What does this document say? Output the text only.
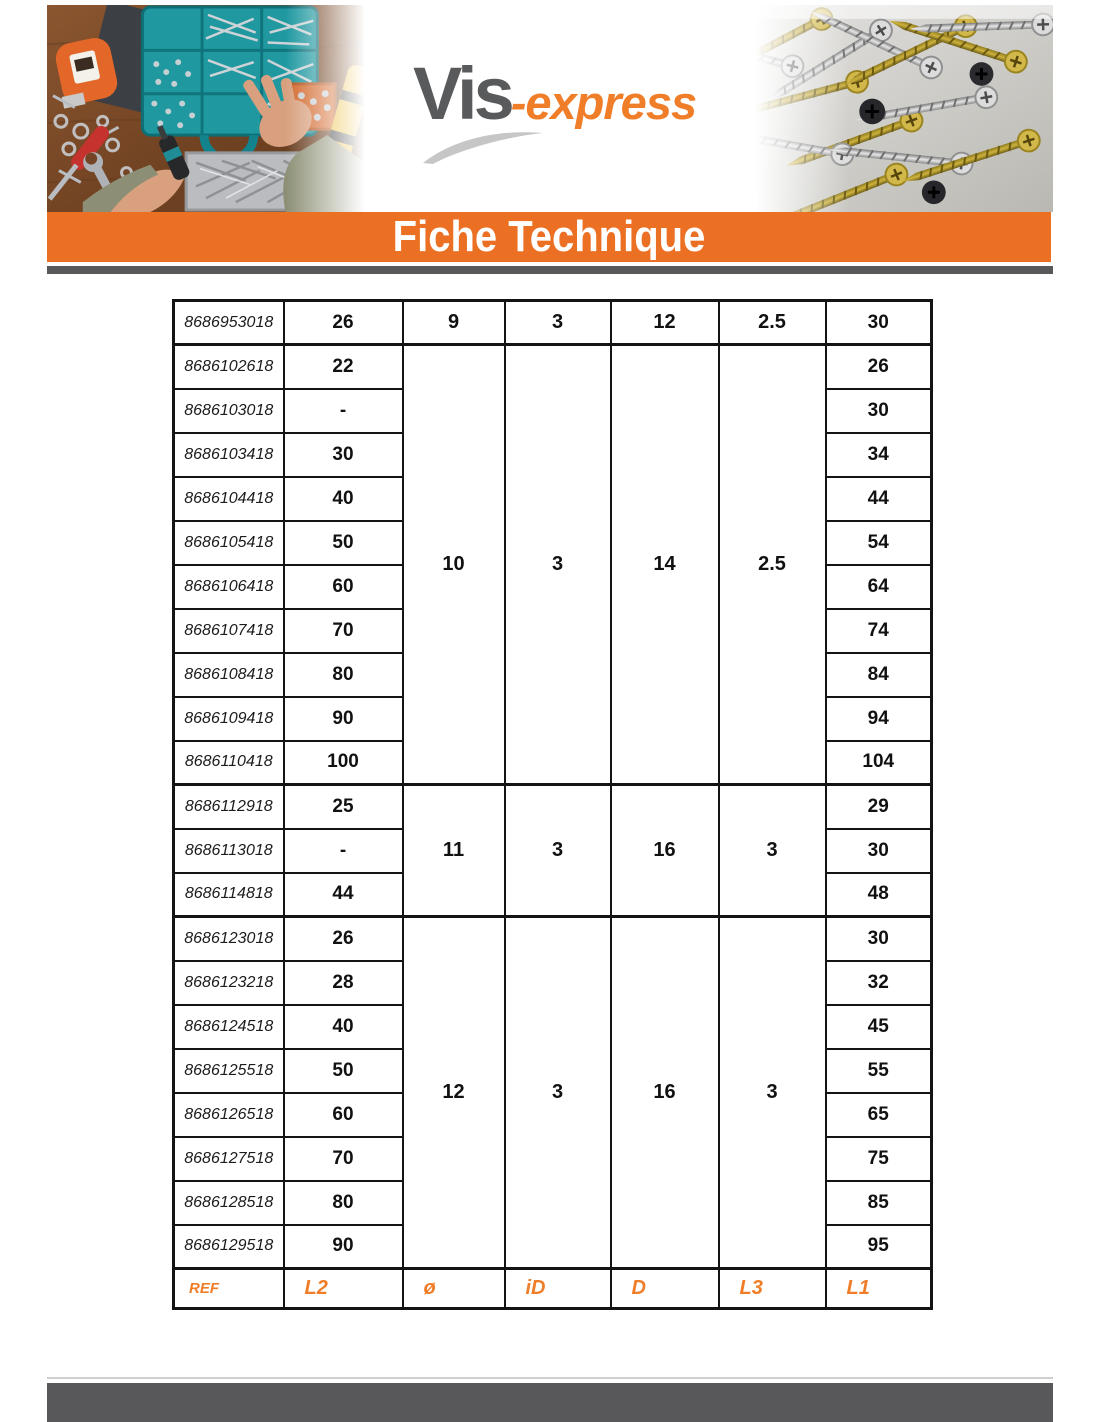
Vis-express
Fiche Technique
8686953018	26	9	3	12	2.5	30
8686102618	22	10	3	14	2.5	26
8686103018	-					30
8686103418	30					34
8686104418	40					44
8686105418	50					54
8686106418	60					64
8686107418	70					74
8686108418	80					84
8686109418	90					94
8686110418	100					104
8686112918	25	11	3	16	3	29
8686113018	-					30
8686114818	44					48
8686123018	26	12	3	16	3	30
8686123218	28					32
8686124518	40					45
8686125518	50					55
8686126518	60					65
8686127518	70					75
8686128518	80					85
8686129518	90					95
REF	L2	ø	iD	D	L3	L1
